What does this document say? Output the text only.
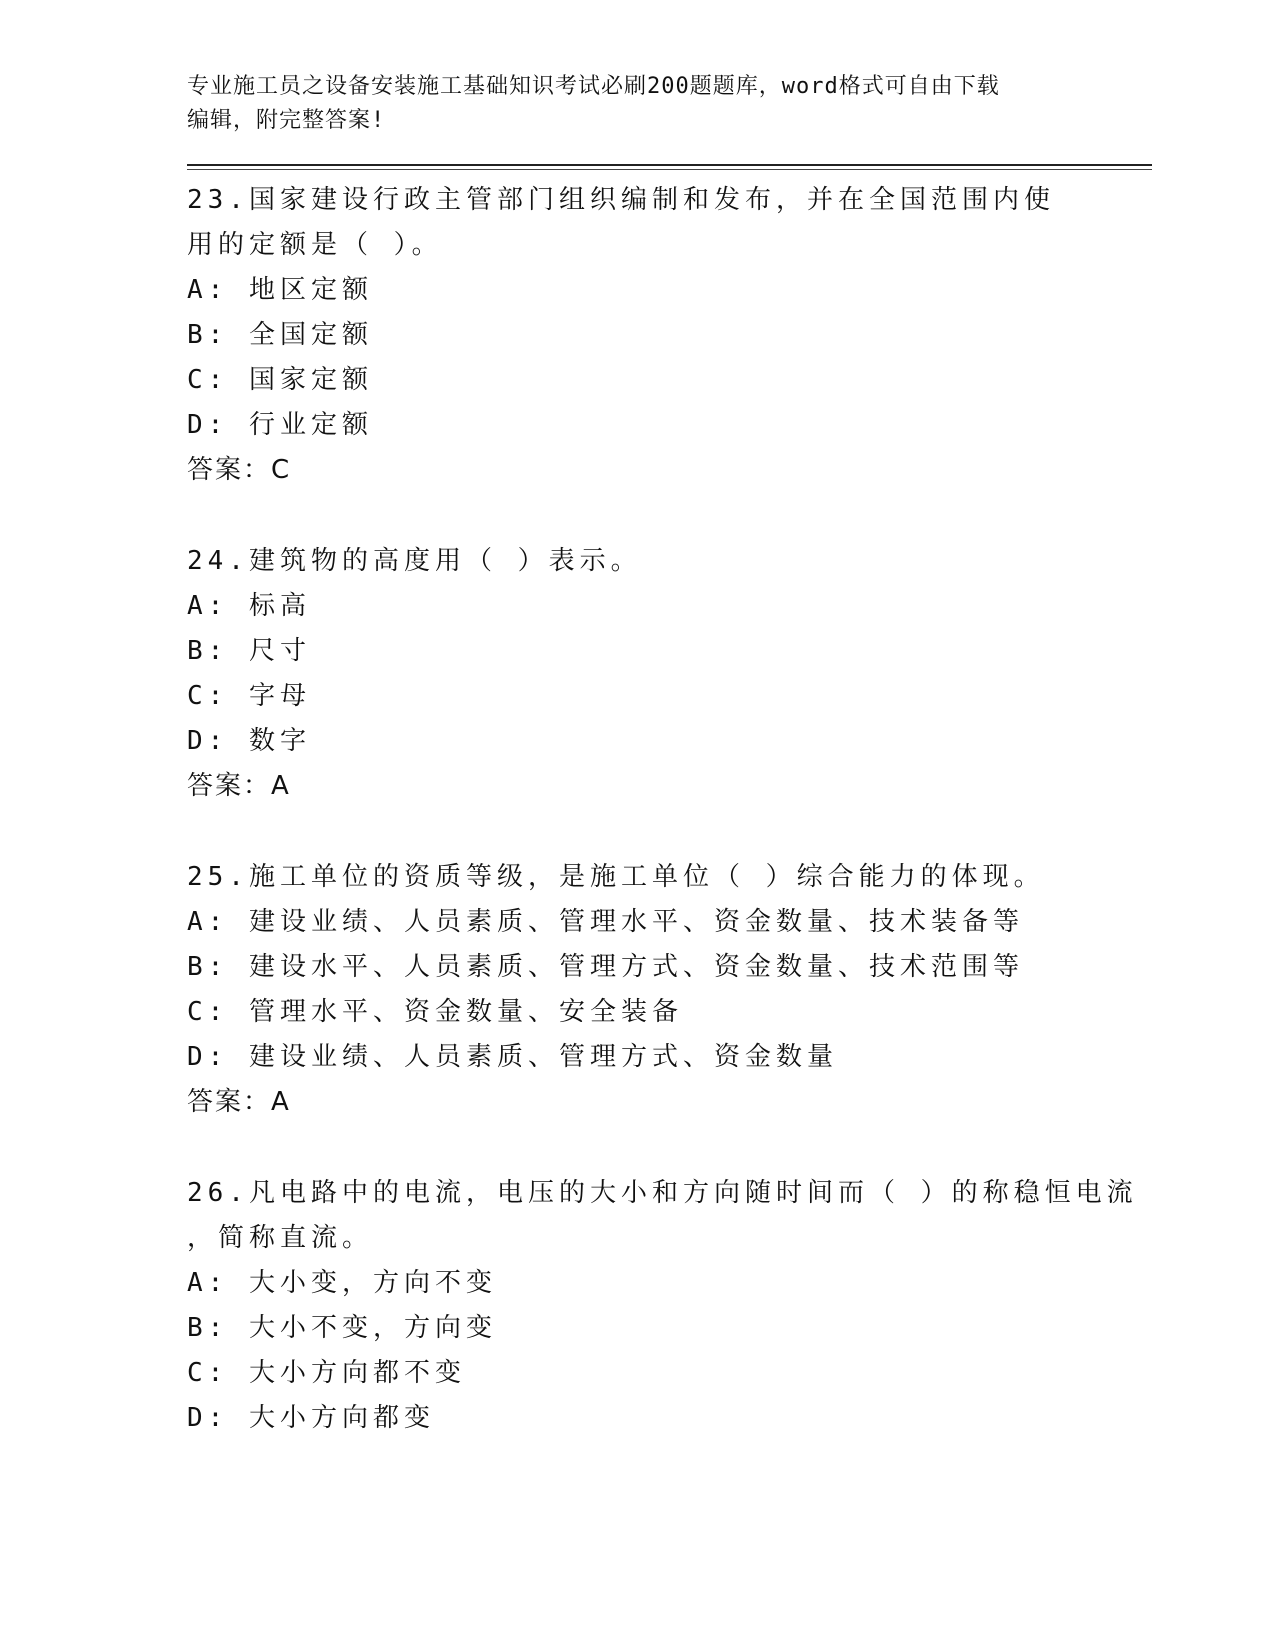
专业施工员之设备安装施工基础知识考试必刷200题题库，word格式可自由下载
编辑，附完整答案!
23.国家建设行政主管部门组织编制和发布，并在全国范围内使用的定额是（ ）。
A: 地区定额
B: 全国定额
C: 国家定额
D: 行业定额
答案：C
24.建筑物的高度用（ ）表示。
A: 标高
B: 尺寸
C: 字母
D: 数字
答案：A
25.施工单位的资质等级，是施工单位（ ）综合能力的体现。
A: 建设业绩、人员素质、管理水平、资金数量、技术装备等
B: 建设水平、人员素质、管理方式、资金数量、技术范围等
C: 管理水平、资金数量、安全装备
D: 建设业绩、人员素质、管理方式、资金数量
答案：A
26.凡电路中的电流，电压的大小和方向随时间而（ ）的称稳恒电流
，简称直流。
A: 大小变，方向不变
B: 大小不变，方向变
C: 大小方向都不变
D: 大小方向都变
